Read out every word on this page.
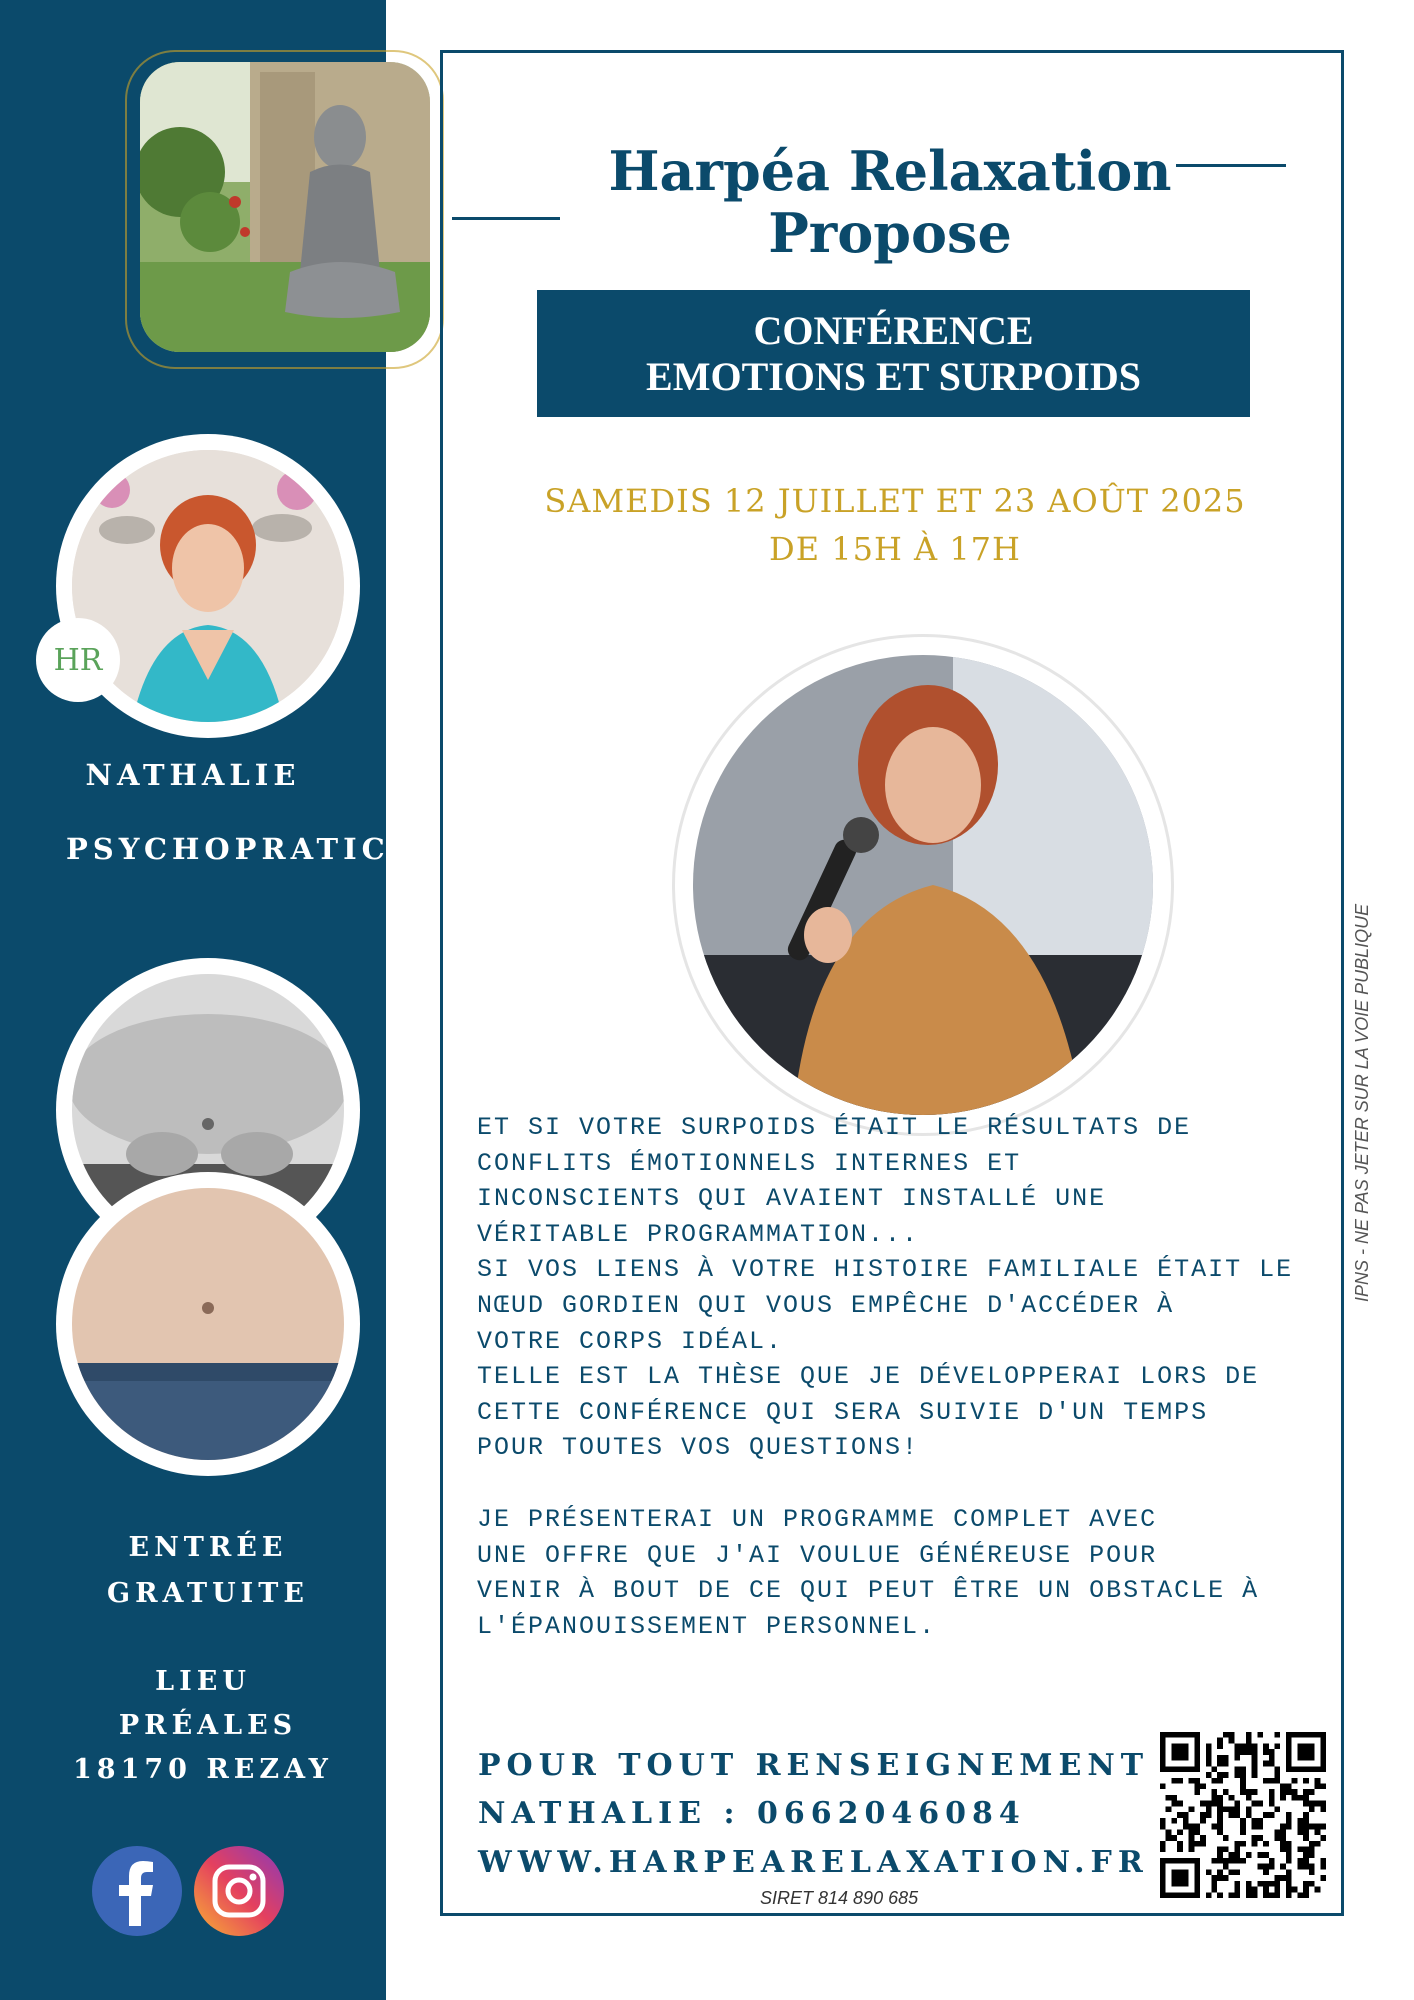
HR
NATHALIE
PSYCHOPRATICIENNE
ENTRÉE
GRATUITE
LIEU
PRÉALES
18170 REZAY
Harpéa Relaxation
Propose
CONFÉRENCE
EMOTIONS ET SURPOIDS
SAMEDIS 12 JUILLET ET 23 AOÛT 2025
DE 15H À 17H
ET SI VOTRE SURPOIDS ÉTAIT LE RÉSULTATS DE
CONFLITS ÉMOTIONNELS INTERNES ET
INCONSCIENTS QUI AVAIENT INSTALLÉ UNE
VÉRITABLE PROGRAMMATION...
SI VOS LIENS À VOTRE HISTOIRE FAMILIALE ÉTAIT LE
NŒUD GORDIEN QUI VOUS EMPÊCHE D'ACCÉDER À
VOTRE CORPS IDÉAL.
TELLE EST LA THÈSE QUE JE DÉVELOPPERAI LORS DE
CETTE CONFÉRENCE QUI SERA SUIVIE D'UN TEMPS
POUR TOUTES VOS QUESTIONS!
JE PRÉSENTERAI UN PROGRAMME COMPLET AVEC
UNE OFFRE QUE J'AI VOULUE GÉNÉREUSE POUR
VENIR À BOUT DE CE QUI PEUT ÊTRE UN OBSTACLE À
L'ÉPANOUISSEMENT PERSONNEL.
POUR TOUT RENSEIGNEMENT
NATHALIE : 0662046084
WWW.HARPEARELAXATION.FR
SIRET 814 890 685
IPNS - NE PAS JETER SUR LA VOIE PUBLIQUE
